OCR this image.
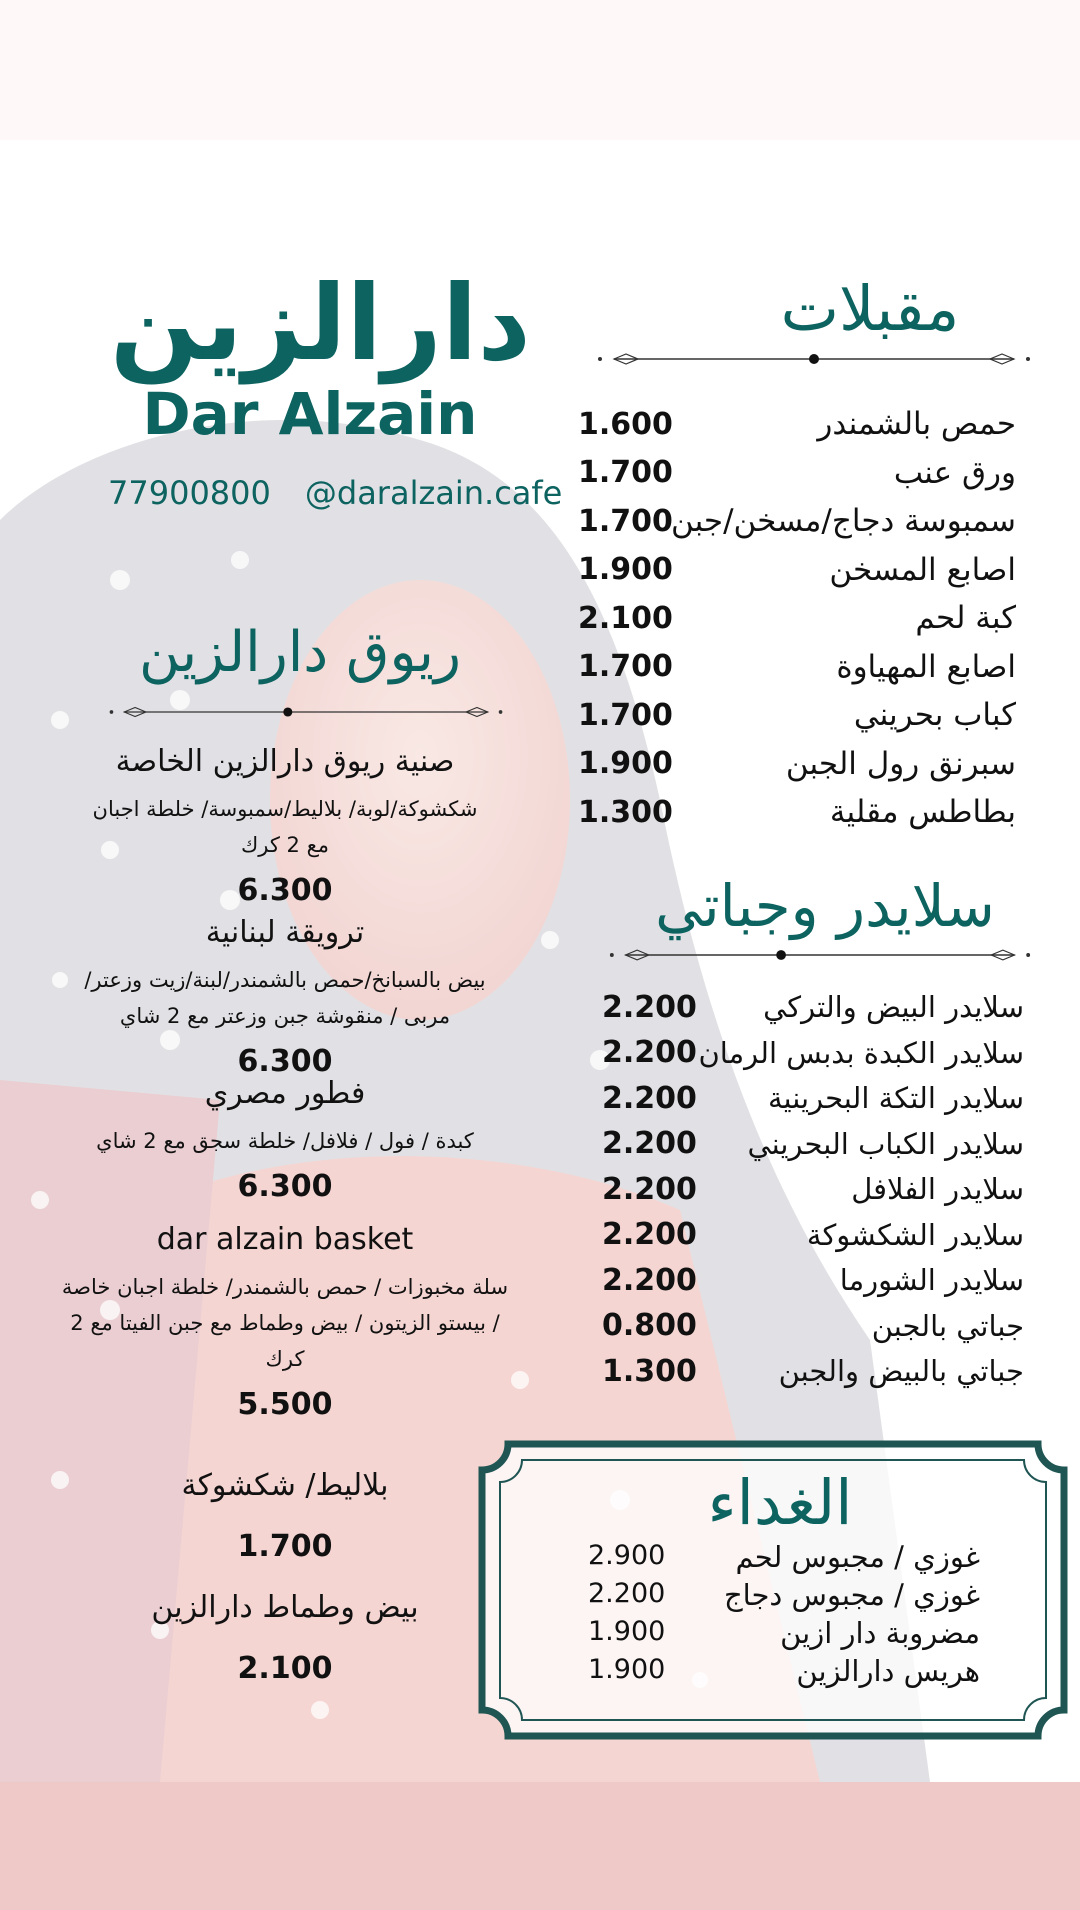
دارالزين
Dar Alzain
77900800 @daralzain.cafe
مقبلات
حمص بالشمندر
1.600
ورق عنب
1.700
سمبوسة دجاج/مسخن/جبن
1.700
اصابع المسخن
1.900
كبة لحم
2.100
اصابع المهياوة
1.700
كباب بحريني
1.700
سبرنق رول الجبن
1.900
بطاطس مقلية
1.300
سلايدر وجباتي
سلايدر البيض والتركي
2.200
سلايدر الكبدة بدبس الرمان
2.200
سلايدر التكة البحرينية
2.200
سلايدر الكباب البحريني
2.200
سلايدر الفلافل
2.200
سلايدر الشكشوكة
2.200
سلايدر الشورما
2.200
جباتي بالجبن
0.800
جباتي بالبيض والجبن
1.300
ريوق دارالزين
صنية ريوق دارالزين الخاصة
شكشوكة/لوبة/ بلاليط/سمبوسة/ خلطة اجبان
مع 2 كرك
6.300
ترويقة لبنانية
بيض بالسبانخ/حمص بالشمندر/لبنة/زيت وزعتر/
مربى / منقوشة جبن وزعتر مع 2 شاي
6.300
فطور مصري
كبدة / فول / فلافل/ خلطة سجق مع 2 شاي
6.300
dar alzain basket
سلة مخبوزات / حمص بالشمندر/ خلطة اجبان خاصة
/ بيستو الزيتون / بيض وطماط مع جبن الفيتا مع 2
كرك
5.500
بلاليط/ شكشوكة
1.700
بيض وطماط دارالزين
2.100
الغداء
غوزي / مجبوس لحم
2.900
غوزي / مجبوس دجاج
2.200
مضروبة دار ازين
1.900
هريس دارالزين
1.900
